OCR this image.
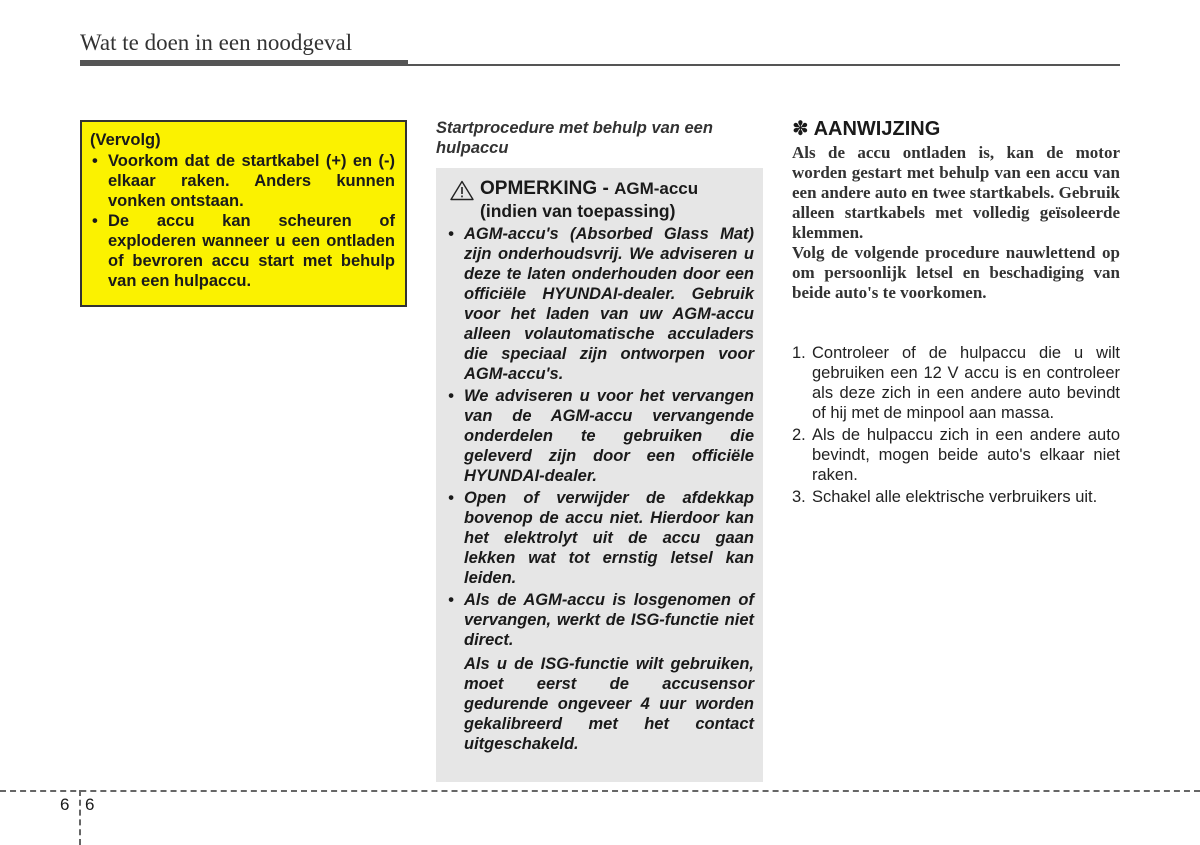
Wat te doen in een noodgeval
(Vervolg)
• Voorkom dat de startkabel (+) en (-) elkaar raken. Anders kunnen vonken ontstaan.
• De accu kan scheuren of exploderen wanneer u een ontladen of bevroren accu start met behulp van een hulpaccu.
Startprocedure met behulp van een hulpaccu
OPMERKING - AGM-accu
(indien van toepassing)
• AGM-accu's (Absorbed Glass Mat) zijn onderhoudsvrij. We adviseren u deze te laten onderhouden door een officiële HYUNDAI-dealer. Gebruik voor het laden van uw AGM-accu alleen volautomatische acculaders die speciaal zijn ontworpen voor AGM-accu's.
• We adviseren u voor het vervangen van de AGM-accu vervangende onderdelen te gebruiken die geleverd zijn door een officiële HYUNDAI-dealer.
• Open of verwijder de afdekkap bovenop de accu niet. Hierdoor kan het elektrolyt uit de accu gaan lekken wat tot ernstig letsel kan leiden.
• Als de AGM-accu is losgenomen of vervangen, werkt de ISG-functie niet direct.
Als u de ISG-functie wilt gebruiken, moet eerst de accusensor gedurende ongeveer 4 uur worden gekalibreerd met het contact uitgeschakeld.
✽ AANWIJZING

Als de accu ontladen is, kan de motor worden gestart met behulp van een accu van een andere auto en twee startkabels. Gebruik alleen startkabels met volledig geïsoleerde klemmen.

Volg de volgende procedure nauwlettend op om persoonlijk letsel en beschadiging van beide auto's te voorkomen.

1. Controleer of de hulpaccu die u wilt gebruiken een 12 V accu is en controleer als deze zich in een andere auto bevindt of hij met de minpool aan massa.
2. Als de hulpaccu zich in een andere auto bevindt, mogen beide auto's elkaar niet raken.
3. Schakel alle elektrische verbruikers uit.
6 6
